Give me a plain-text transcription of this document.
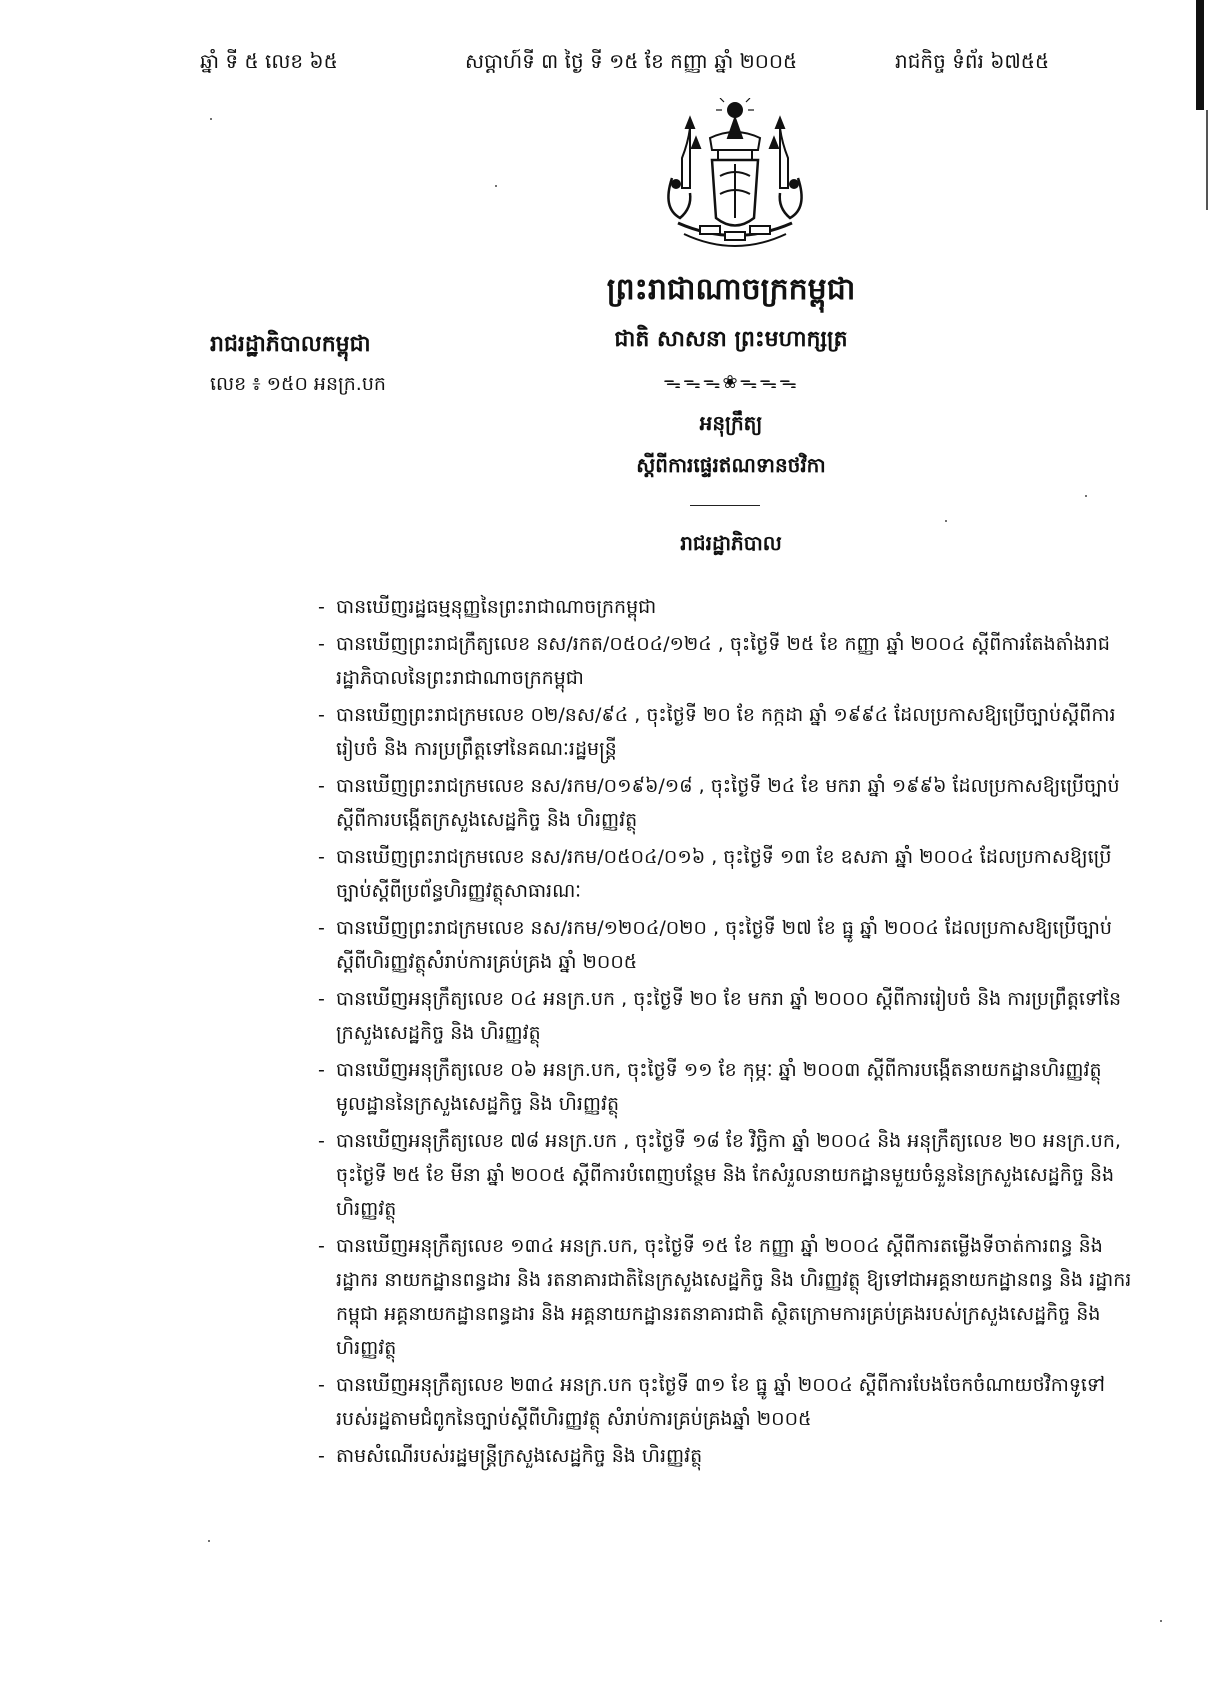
ឆ្នាំ ទី ៥ លេខ ៦៥	សប្តាហ៍ទី ៣ ថ្ងៃ ទី ១៥ ខែ កញ្ញា ឆ្នាំ ២០០៥	រាជកិច្ច ទំព័រ ៦៧៥៥
ព្រះរាជាណាចក្រកម្ពុជា
ជាតិ សាសនា ព្រះមហាក្សត្រ
ᯓᯓᯓ❀ᯓᯓᯓ
រាជរដ្ឋាភិបាលកម្ពុជា
លេខ ៖ ១៥០ អនក្រ.បក
អនុក្រឹត្យ
ស្តីពីការផ្ទេរឥណទានថវិកា
រាជរដ្ឋាភិបាល
- បានឃើញរដ្ឋធម្មនុញ្ញនៃព្រះរាជាណាចក្រកម្ពុជា
- បានឃើញព្រះរាជក្រឹត្យលេខ នស/រកត/០៥០៤/១២៤ , ចុះថ្ងៃទី ២៥ ខែ កញ្ញា ឆ្នាំ ២០០៤ ស្តីពីការតែងតាំងរាជរដ្ឋាភិបាលនៃព្រះរាជាណាចក្រកម្ពុជា
- បានឃើញព្រះរាជក្រមលេខ ០២/នស/៩៤ , ចុះថ្ងៃទី ២០ ខែ កក្កដា ឆ្នាំ ១៩៩៤ ដែលប្រកាសឱ្យប្រើច្បាប់ស្តីពីការរៀបចំ និង ការប្រព្រឹត្តទៅនៃគណៈរដ្ឋមន្ត្រី
- បានឃើញព្រះរាជក្រមលេខ នស/រកម/០១៩៦/១៨ , ចុះថ្ងៃទី ២៤ ខែ មករា ឆ្នាំ ១៩៩៦ ដែលប្រកាសឱ្យប្រើច្បាប់ស្តីពីការបង្កើតក្រសួងសេដ្ឋកិច្ច និង ហិរញ្ញវត្ថុ
- បានឃើញព្រះរាជក្រមលេខ នស/រកម/០៥០៤/០១៦ , ចុះថ្ងៃទី ១៣ ខែ ឧសភា ឆ្នាំ ២០០៤ ដែលប្រកាសឱ្យប្រើច្បាប់ស្តីពីប្រព័ន្ធហិរញ្ញវត្ថុសាធារណៈ
- បានឃើញព្រះរាជក្រមលេខ នស/រកម/១២០៤/០២០ , ចុះថ្ងៃទី ២៧ ខែ ធ្នូ ឆ្នាំ ២០០៤ ដែលប្រកាសឱ្យប្រើច្បាប់ស្តីពីហិរញ្ញវត្ថុសំរាប់ការគ្រប់គ្រង ឆ្នាំ ២០០៥
- បានឃើញអនុក្រឹត្យលេខ ០៤ អនក្រ.បក , ចុះថ្ងៃទី ២០ ខែ មករា ឆ្នាំ ២០០០ ស្តីពីការរៀបចំ និង ការប្រព្រឹត្តទៅនៃក្រសួងសេដ្ឋកិច្ច និង ហិរញ្ញវត្ថុ
- បានឃើញអនុក្រឹត្យលេខ ០៦ អនក្រ.បក, ចុះថ្ងៃទី ១១ ខែ កុម្ភៈ ឆ្នាំ ២០០៣ ស្តីពីការបង្កើតនាយកដ្ឋានហិរញ្ញវត្ថុមូលដ្ឋាននៃក្រសួងសេដ្ឋកិច្ច និង ហិរញ្ញវត្ថុ
- បានឃើញអនុក្រឹត្យលេខ ៧៨ អនក្រ.បក , ចុះថ្ងៃទី ១៨ ខែ វិច្ឆិកា ឆ្នាំ ២០០៤ និង អនុក្រឹត្យលេខ ២០ អនក្រ.បក, ចុះថ្ងៃទី ២៥ ខែ មីនា ឆ្នាំ ២០០៥ ស្តីពីការបំពេញបន្ថែម និង កែសំរួលនាយកដ្ឋានមួយចំនួននៃក្រសួងសេដ្ឋកិច្ច និង ហិរញ្ញវត្ថុ
- បានឃើញអនុក្រឹត្យលេខ ១៣៤ អនក្រ.បក, ចុះថ្ងៃទី ១៥ ខែ កញ្ញា ឆ្នាំ ២០០៤ ស្តីពីការតម្លើងទីចាត់ការពន្ធ និង រដ្ឋាករ នាយកដ្ឋានពន្ធដារ និង រតនាគារជាតិនៃក្រសួងសេដ្ឋកិច្ច និង ហិរញ្ញវត្ថុ ឱ្យទៅជាអគ្គនាយកដ្ឋានពន្ធ និង រដ្ឋាករកម្ពុជា អគ្គនាយកដ្ឋានពន្ធដារ និង អគ្គនាយកដ្ឋានរតនាគារជាតិ ស្ថិតក្រោមការគ្រប់គ្រងរបស់ក្រសួងសេដ្ឋកិច្ច និង ហិរញ្ញវត្ថុ
- បានឃើញអនុក្រឹត្យលេខ ២៣៤ អនក្រ.បក ចុះថ្ងៃទី ៣១ ខែ ធ្នូ ឆ្នាំ ២០០៤ ស្តីពីការបែងចែកចំណាយថវិកាទូទៅរបស់រដ្ឋតាមជំពូកនៃច្បាប់ស្តីពីហិរញ្ញវត្ថុ សំរាប់ការគ្រប់គ្រងឆ្នាំ ២០០៥
- តាមសំណើរបស់រដ្ឋមន្ត្រីក្រសួងសេដ្ឋកិច្ច និង ហិរញ្ញវត្ថុ
